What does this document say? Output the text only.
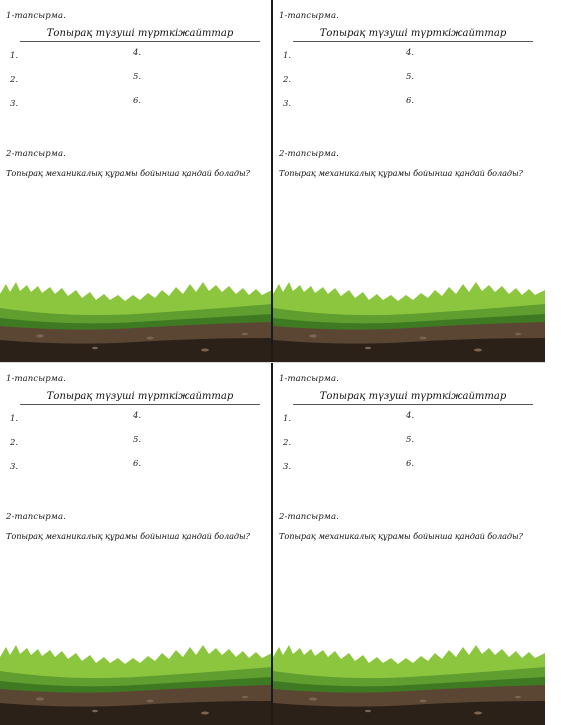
1-тапсырма.
Топырақ түзуші түрткіжайттар
1.
2.
3.
4.
5.
6.
2-тапсырма.
Топырақ механикалық құрамы бойынша қандай болады?
1-тапсырма.
Топырақ түзуші түрткіжайттар
1.
2.
3.
4.
5.
6.
2-тапсырма.
Топырақ механикалық құрамы бойынша қандай болады?
1-тапсырма.
Топырақ түзуші түрткіжайттар
1.
2.
3.
4.
5.
6.
2-тапсырма.
Топырақ механикалық құрамы бойынша қандай болады?
1-тапсырма.
Топырақ түзуші түрткіжайттар
1.
2.
3.
4.
5.
6.
2-тапсырма.
Топырақ механикалық құрамы бойынша қандай болады?
